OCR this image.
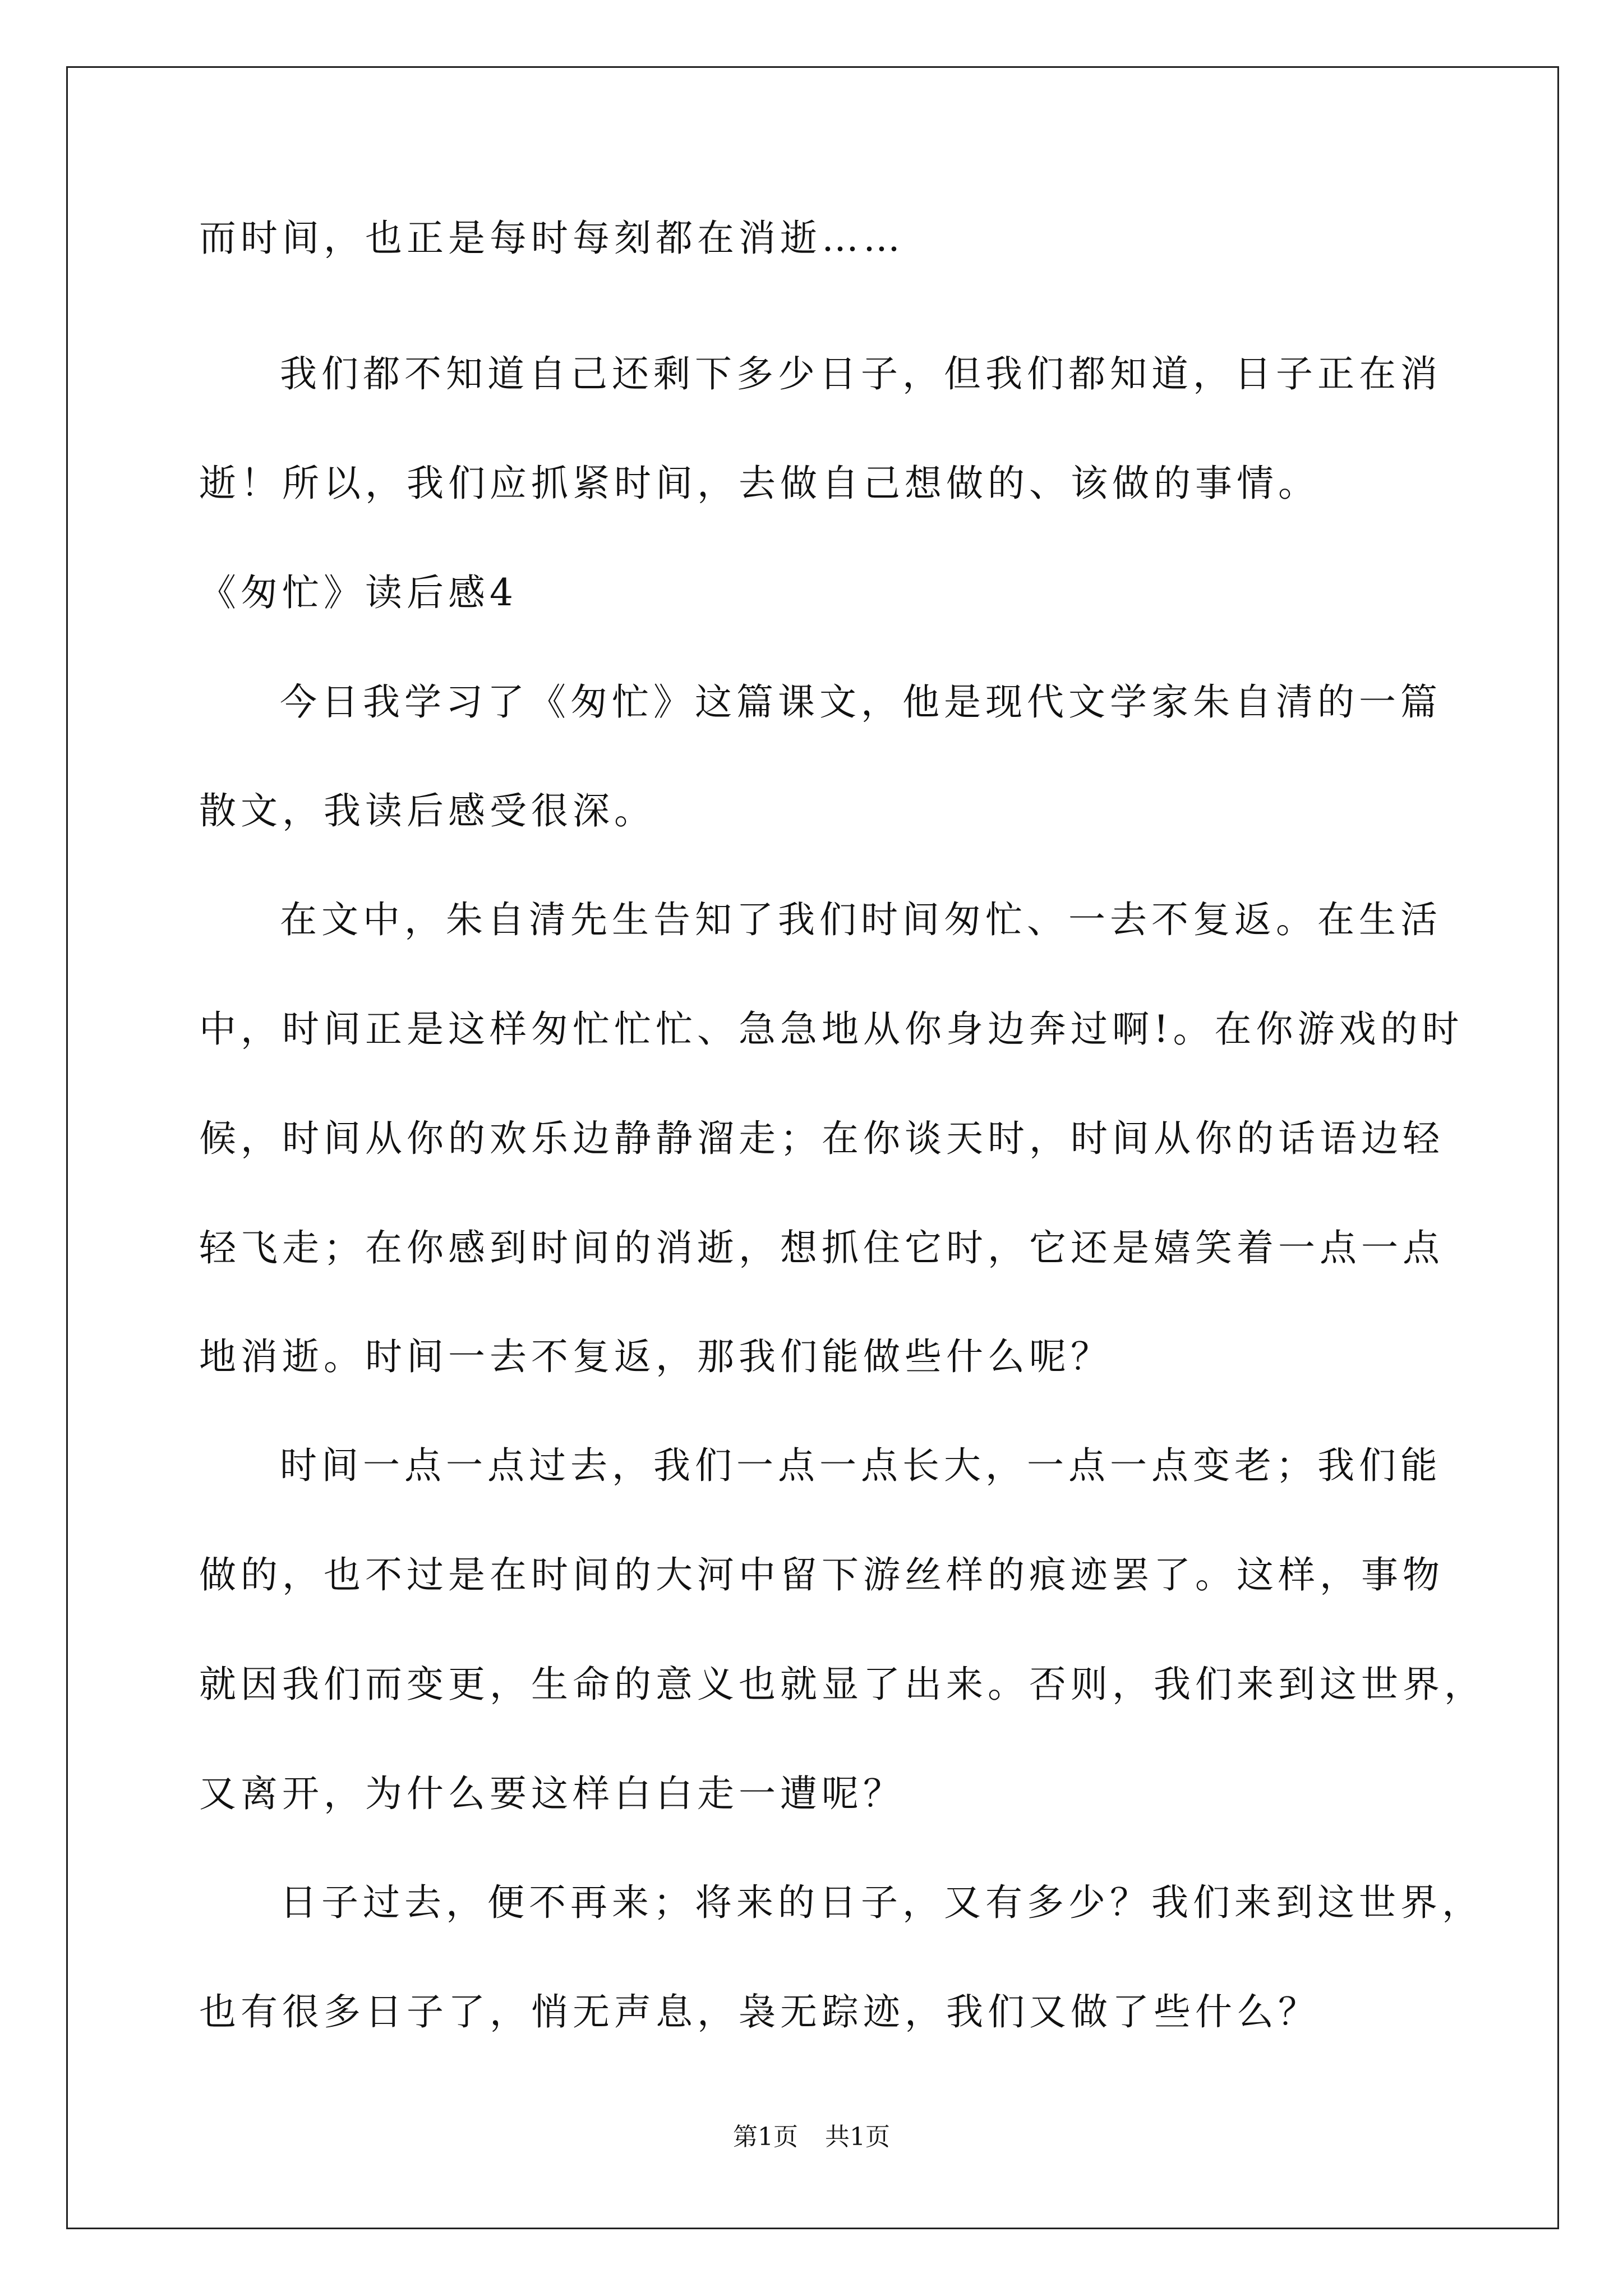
而时间，也正是每时每刻都在消逝……
我们都不知道自己还剩下多少日子，但我们都知道，日子正在消
逝！所以，我们应抓紧时间，去做自己想做的、该做的事情。
《匆忙》读后感4
今日我学习了《匆忙》这篇课文，他是现代文学家朱自清的一篇
散文，我读后感受很深。
在文中，朱自清先生告知了我们时间匆忙、一去不复返。在生活
中，时间正是这样匆忙忙忙、急急地从你身边奔过啊!。在你游戏的时
候，时间从你的欢乐边静静溜走；在你谈天时，时间从你的话语边轻
轻飞走；在你感到时间的消逝，想抓住它时，它还是嬉笑着一点一点
地消逝。时间一去不复返，那我们能做些什么呢？
时间一点一点过去，我们一点一点长大，一点一点变老；我们能
做的，也不过是在时间的大河中留下游丝样的痕迹罢了。这样，事物
就因我们而变更，生命的意义也就显了出来。否则，我们来到这世界，
又离开，为什么要这样白白走一遭呢？
日子过去，便不再来；将来的日子，又有多少？我们来到这世界，
也有很多日子了，悄无声息，袅无踪迹，我们又做了些什么？
第1页 共1页
